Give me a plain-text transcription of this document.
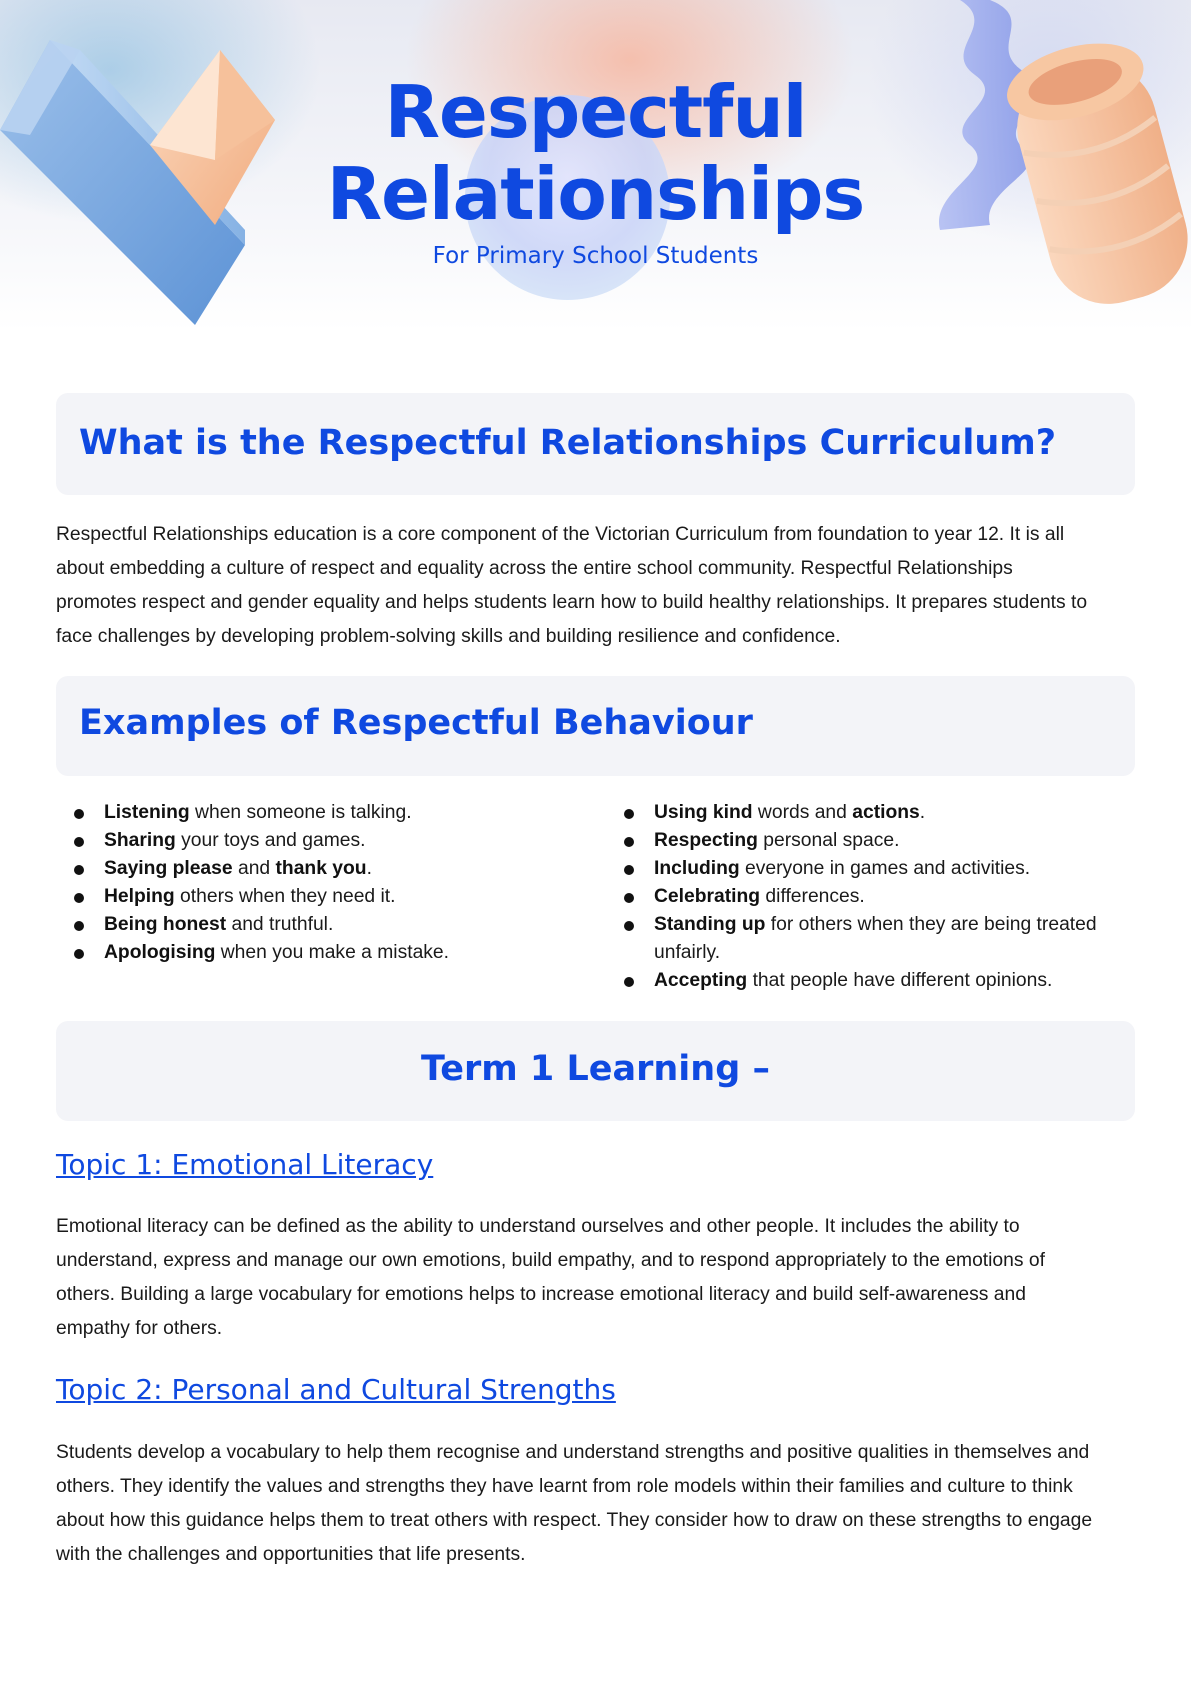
Respectful
Relationships

For Primary School Students

What is the Respectful Relationships Curriculum?
Respectful Relationships education is a core component of the Victorian Curriculum from foundation to year 12. It is all
about embedding a culture of respect and equality across the entire school community. Respectful Relationships
promotes respect and gender equality and helps students learn how to build healthy relationships. It prepares students to
face challenges by developing problem-solving skills and building resilience and confidence.
Examples of Respectful Behaviour
Listening when someone is talking.
Sharing your toys and games.
Saying please and thank you.
Helping others when they need it.
Being honest and truthful.
Apologising when you make a mistake.
Using kind words and actions.
Respecting personal space.
Including everyone in games and activities.
Celebrating differences.
Standing up for others when they are being treated unfairly.
Accepting that people have different opinions.
Term 1 Learning –
Topic 1: Emotional Literacy
Emotional literacy can be defined as the ability to understand ourselves and other people. It includes the ability to
understand, express and manage our own emotions, build empathy, and to respond appropriately to the emotions of
others. Building a large vocabulary for emotions helps to increase emotional literacy and build self-awareness and
empathy for others.
Topic 2: Personal and Cultural Strengths
Students develop a vocabulary to help them recognise and understand strengths and positive qualities in themselves and
others. They identify the values and strengths they have learnt from role models within their families and culture to think
about how this guidance helps them to treat others with respect. They consider how to draw on these strengths to engage
with the challenges and opportunities that life presents.
